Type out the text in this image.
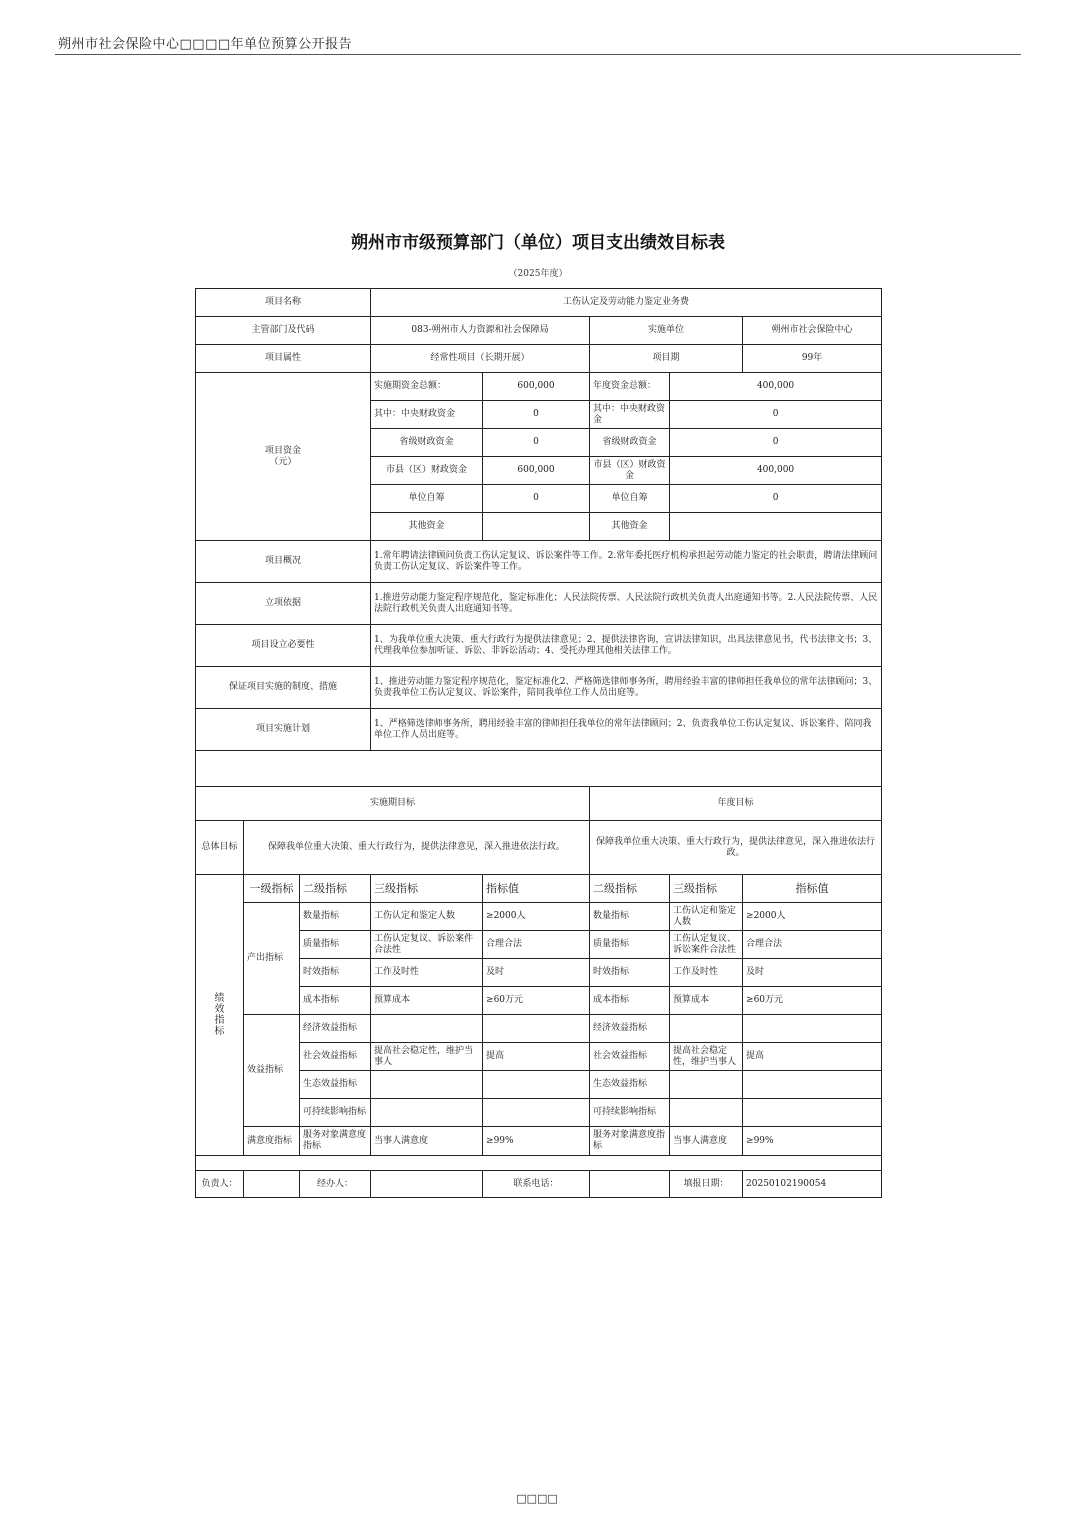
朔州市社会保险中心□□□□年单位预算公开报告
朔州市市级预算部门（单位）项目支出绩效目标表
（2025年度）
项目名称			工伤认定及劳动能力鉴定业务费				
主管部门及代码			083-朔州市人力资源和社会保障局		实施单位		朔州市社会保险中心
项目属性			经常性项目（长期开展）		项目期		99年

项目资金
（元）			实施期资金总额：	600,000	年度资金总额：	400,000	
			其中：中央财政资金	0	其中：中央财政资金	0	
			省级财政资金	0	省级财政资金	0	
			市县（区）财政资金	600,000	市县（区）财政资金	400,000	
			单位自筹	0	单位自筹	0	
			其他资金		其他资金		
项目概况			1.常年聘请法律顾问负责工伤认定复议、诉讼案件等工作。2.常年委托医疗机构承担起劳动能力鉴定的社会职责，聘请法律顾问负责工伤认定复议、诉讼案件等工作。				
立项依据			1.推进劳动能力鉴定程序规范化，鉴定标准化；人民法院传票、人民法院行政机关负责人出庭通知书等。2.人民法院传票、人民法院行政机关负责人出庭通知书等。				
项目设立必要性			1、为我单位重大决策、重大行政行为提供法律意见；2、提供法律咨询，宣讲法律知识，出具法律意见书，代书法律文书；3、代理我单位参加听证、诉讼、非诉讼活动；4、受托办理其他相关法律工作。				
保证项目实施的制度、措施			1、推进劳动能力鉴定程序规范化，鉴定标准化2、严格筛选律师事务所，聘用经验丰富的律师担任我单位的常年法律顾问；3、负责我单位工伤认定复议、诉讼案件，陪同我单位工作人员出庭等。				
项目实施计划			1、严格筛选律师事务所，聘用经验丰富的律师担任我单位的常年法律顾问；2、负责我单位工伤认定复议、诉讼案件、陪同我单位工作人员出庭等。				

实施期目标					年度目标		
总体目标	保障我单位重大决策、重大行政行为，提供法律意见，深入推进依法行政。				保障我单位重大决策、重大行政行为，提供法律意见，深入推进依法行政。		

绩
效
指
标	一级指标	二级指标	三级指标	指标值	二级指标	三级指标	指标值
	产出指标	数量指标	工伤认定和鉴定人数	≥2000人	数量指标	工伤认定和鉴定人数	≥2000人
		质量指标	工伤认定复议、诉讼案件合法性	合理合法	质量指标	工伤认定复议、诉讼案件合法性	合理合法
		时效指标	工作及时性	及时	时效指标	工作及时性	及时
		成本指标	预算成本	≥60万元	成本指标	预算成本	≥60万元
	效益指标	经济效益指标			经济效益指标		
		社会效益指标	提高社会稳定性，维护当事人	提高	社会效益指标	提高社会稳定性，维护当事人	提高
		生态效益指标			生态效益指标		
		可持续影响指标			可持续影响指标		
	满意度指标	服务对象满意度指标	当事人满意度	≥99%	服务对象满意度指标	当事人满意度	≥99%

负责人：		经办人：		联系电话：		填报日期：	20250102190054
□□□□
